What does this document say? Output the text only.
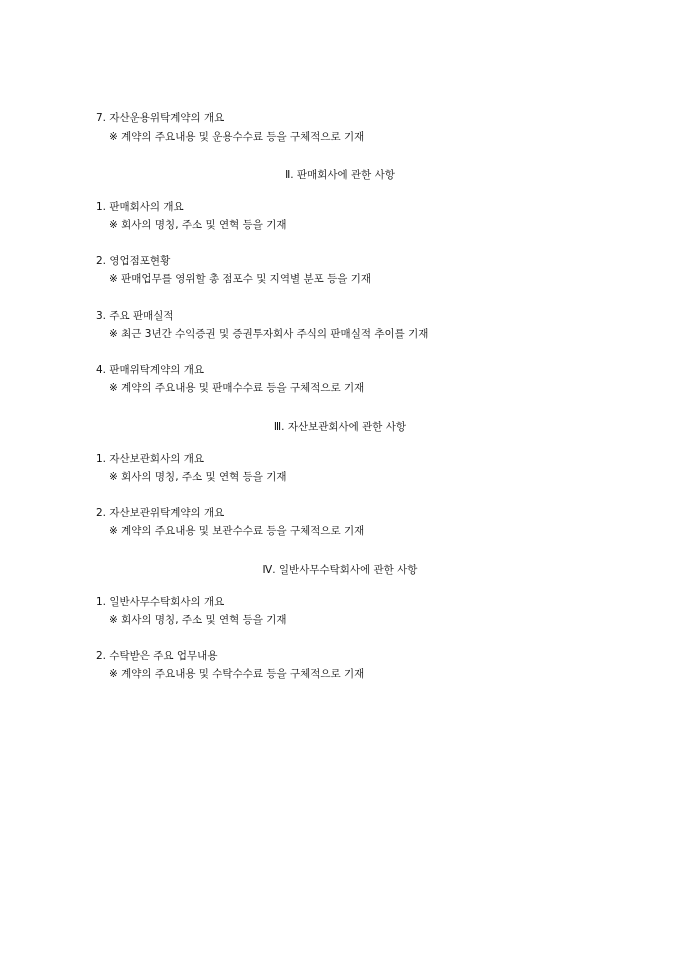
7. 자산운용위탁계약의 개요
※ 계약의 주요내용 및 운용수수료 등을 구체적으로 기재
Ⅱ. 판매회사에 관한 사항
1. 판매회사의 개요
※ 회사의 명칭, 주소 및 연혁 등을 기재
2. 영업점포현황
※ 판매업무를 영위할 총 점포수 및 지역별 분포 등을 기재
3. 주요 판매실적
※ 최근 3년간 수익증권 및 증권투자회사 주식의 판매실적 추이를 기재
4. 판매위탁계약의 개요
※ 계약의 주요내용 및 판매수수료 등을 구체적으로 기재
Ⅲ. 자산보관회사에 관한 사항
1. 자산보관회사의 개요
※ 회사의 명칭, 주소 및 연혁 등을 기재
2. 자산보관위탁계약의 개요
※ 계약의 주요내용 및 보관수수료 등을 구체적으로 기재
Ⅳ. 일반사무수탁회사에 관한 사항
1. 일반사무수탁회사의 개요
※ 회사의 명칭, 주소 및 연혁 등을 기재
2. 수탁받은 주요 업무내용
※ 계약의 주요내용 및 수탁수수료 등을 구체적으로 기재
